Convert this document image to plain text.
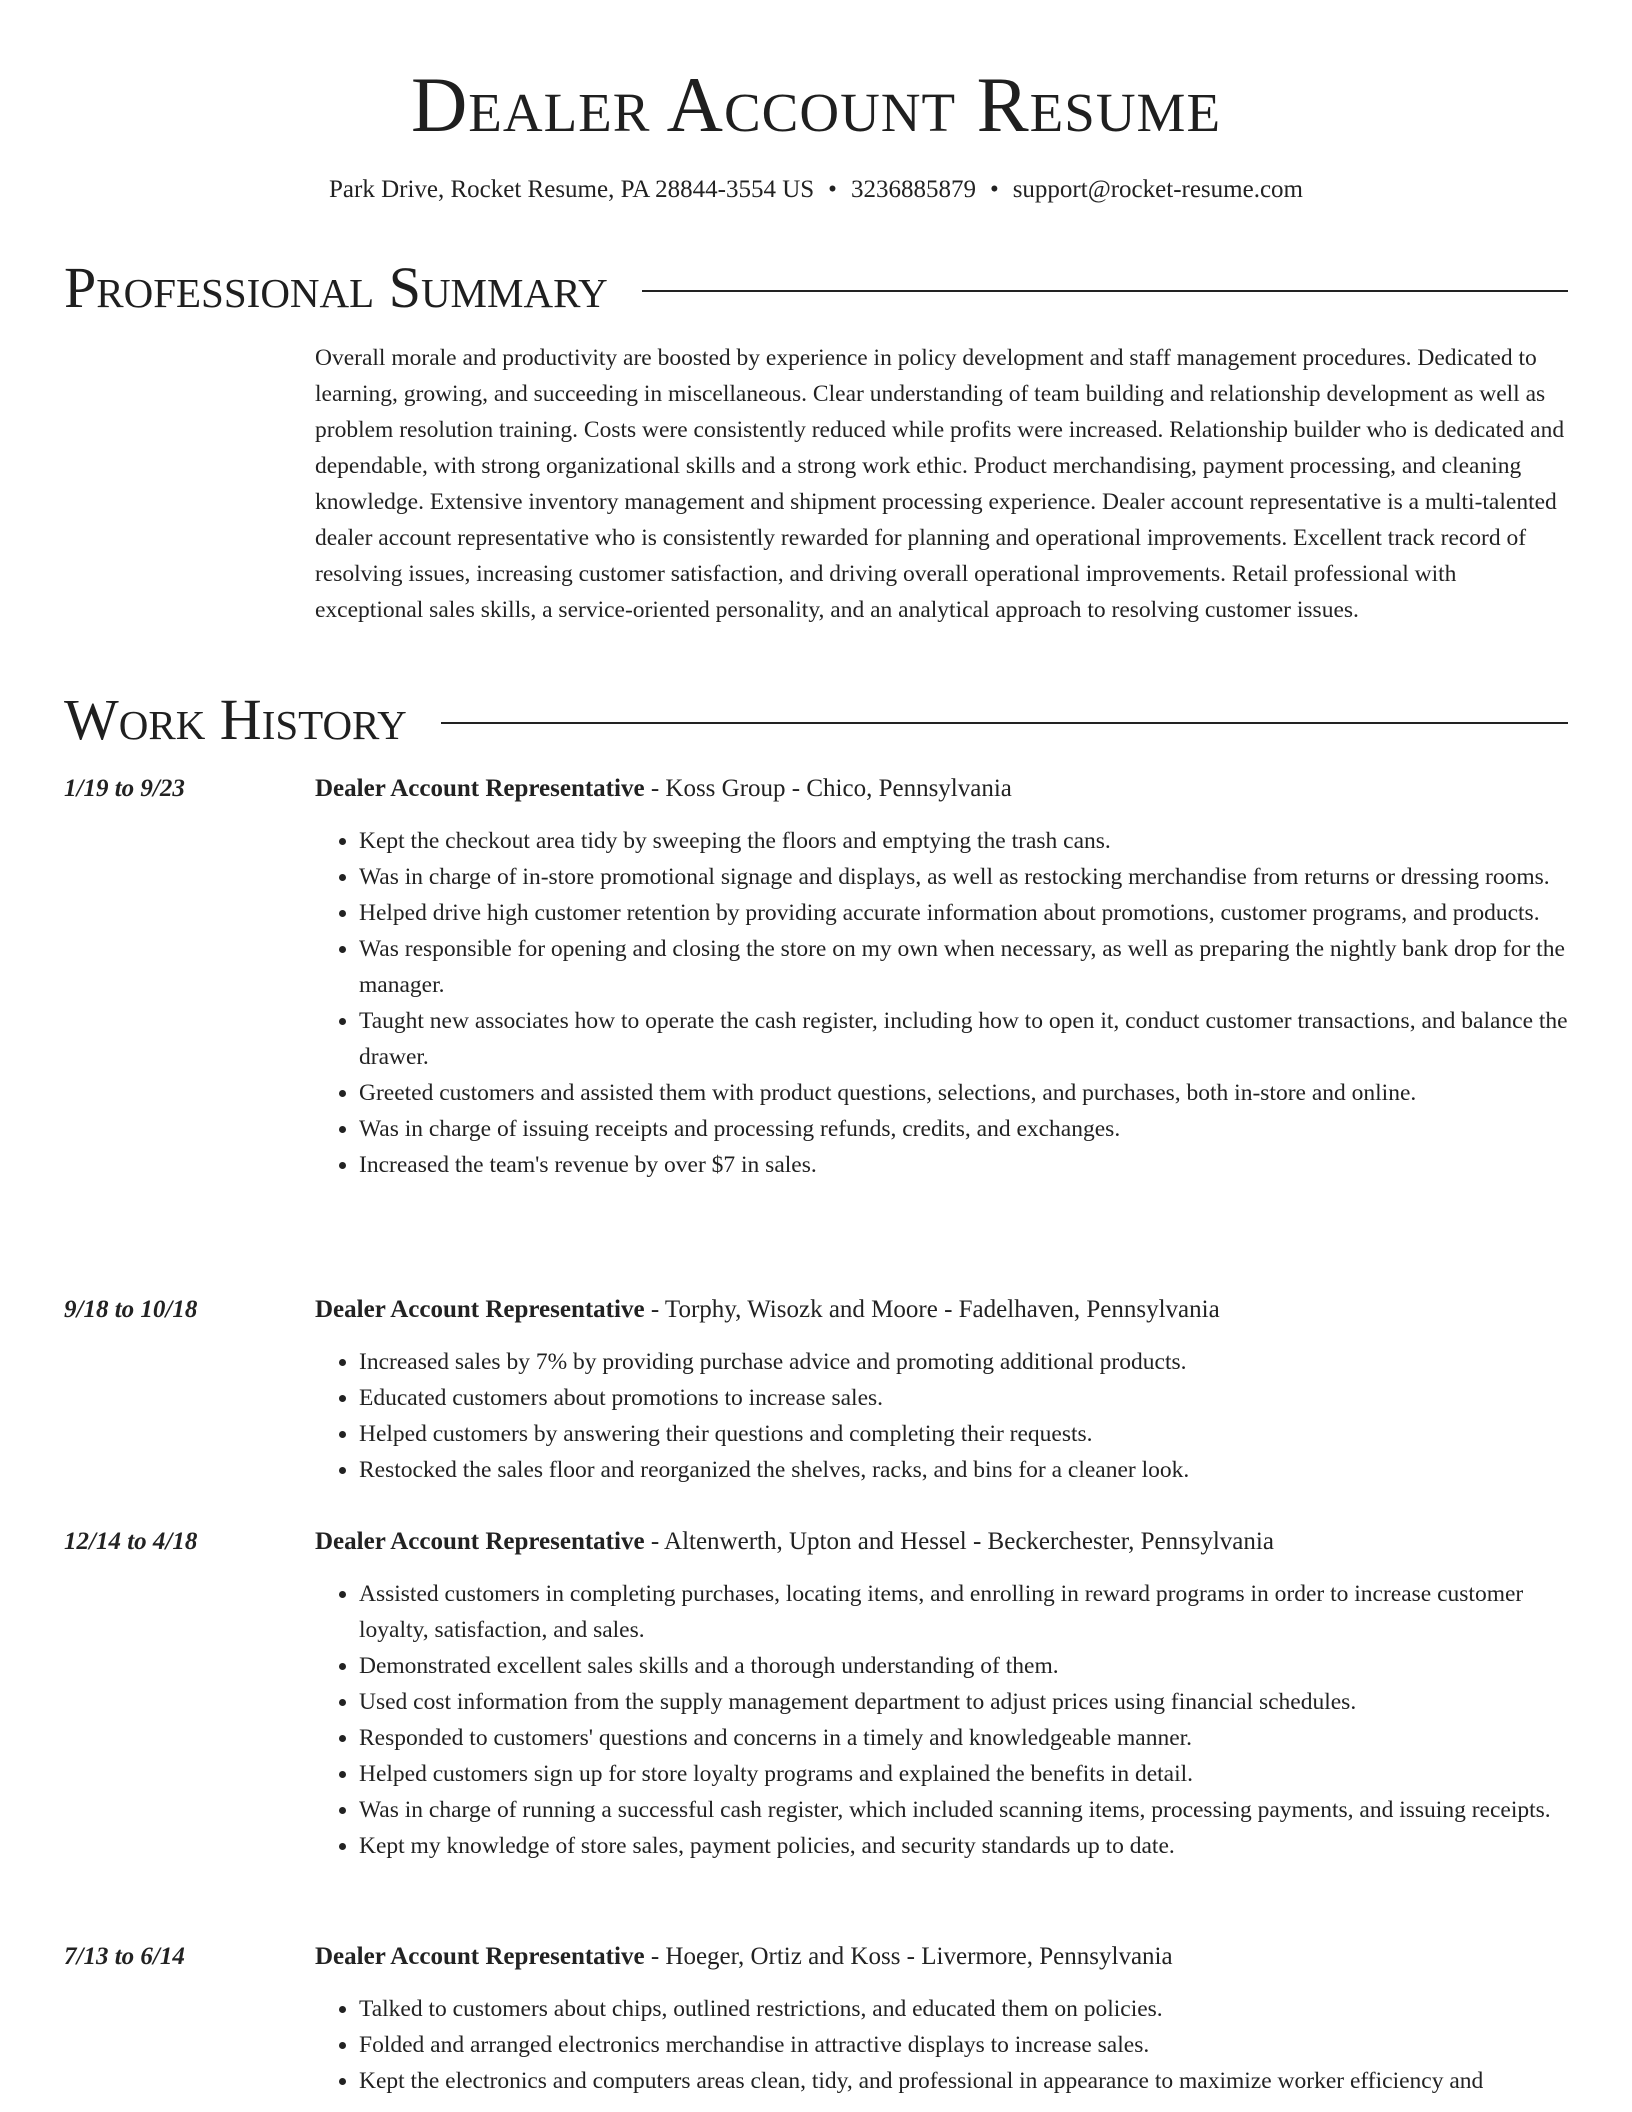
Dealer Account Resume

Park Drive, Rocket Resume, PA 28844-3554 US • 3236885879 • support@rocket-resume.com

Professional Summary

Overall morale and productivity are boosted by experience in policy development and staff management procedures. Dedicated to learning, growing, and succeeding in miscellaneous. Clear understanding of team building and relationship development as well as problem resolution training. Costs were consistently reduced while profits were increased. Relationship builder who is dedicated and dependable, with strong organizational skills and a strong work ethic. Product merchandising, payment processing, and cleaning knowledge. Extensive inventory management and shipment processing experience. Dealer account representative is a multi-talented dealer account representative who is consistently rewarded for planning and operational improvements. Excellent track record of resolving issues, increasing customer satisfaction, and driving overall operational improvements. Retail professional with exceptional sales skills, a service-oriented personality, and an analytical approach to resolving customer issues.

Work History
1/19 to 9/23	Dealer Account Representative - Koss Group - Chico, Pennsylvania
• Kept the checkout area tidy by sweeping the floors and emptying the trash cans.
• Was in charge of in-store promotional signage and displays, as well as restocking merchandise from returns or dressing rooms.
• Helped drive high customer retention by providing accurate information about promotions, customer programs, and products.
• Was responsible for opening and closing the store on my own when necessary, as well as preparing the nightly bank drop for the manager.
• Taught new associates how to operate the cash register, including how to open it, conduct customer transactions, and balance the drawer.
• Greeted customers and assisted them with product questions, selections, and purchases, both in-store and online.
• Was in charge of issuing receipts and processing refunds, credits, and exchanges.
• Increased the team's revenue by over $7 in sales.
9/18 to 10/18	Dealer Account Representative - Torphy, Wisozk and Moore - Fadelhaven, Pennsylvania
• Increased sales by 7% by providing purchase advice and promoting additional products.
• Educated customers about promotions to increase sales.
• Helped customers by answering their questions and completing their requests.
• Restocked the sales floor and reorganized the shelves, racks, and bins for a cleaner look.
12/14 to 4/18	Dealer Account Representative - Altenwerth, Upton and Hessel - Beckerchester, Pennsylvania
• Assisted customers in completing purchases, locating items, and enrolling in reward programs in order to increase customer loyalty, satisfaction, and sales.
• Demonstrated excellent sales skills and a thorough understanding of them.
• Used cost information from the supply management department to adjust prices using financial schedules.
• Responded to customers' questions and concerns in a timely and knowledgeable manner.
• Helped customers sign up for store loyalty programs and explained the benefits in detail.
• Was in charge of running a successful cash register, which included scanning items, processing payments, and issuing receipts.
• Kept my knowledge of store sales, payment policies, and security standards up to date.
7/13 to 6/14	Dealer Account Representative - Hoeger, Ortiz and Koss - Livermore, Pennsylvania
• Talked to customers about chips, outlined restrictions, and educated them on policies.
• Folded and arranged electronics merchandise in attractive displays to increase sales.
• Kept the electronics and computers areas clean, tidy, and professional in appearance to maximize worker efficiency and
